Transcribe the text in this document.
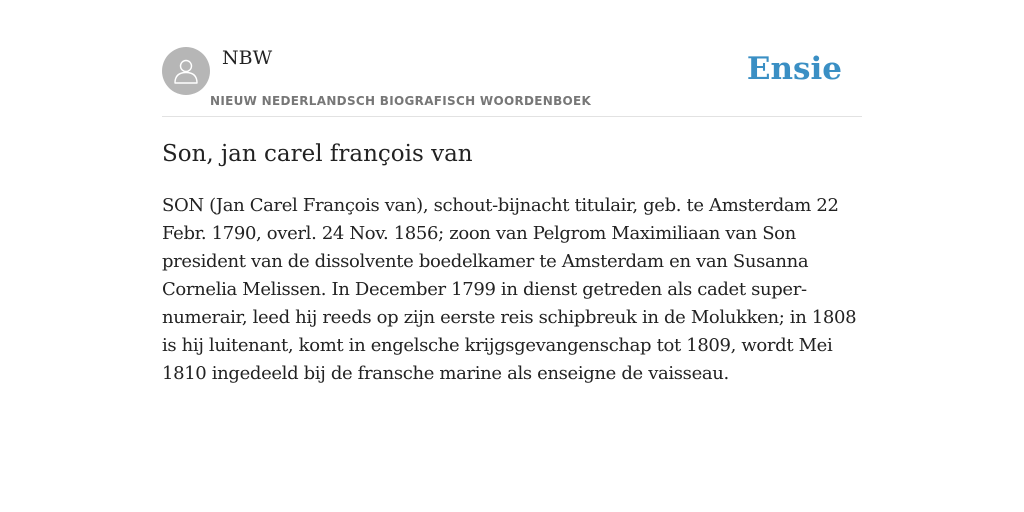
NBW
NIEUW NEDERLANDSCH BIOGRAFISCH WOORDENBOEK
Ensie
Son, jan carel françois van

SON (Jan Carel François van), schout-bijnacht titulair, geb. te Amsterdam 22 Febr. 1790, overl. 24 Nov. 1856; zoon van Pelgrom Maximiliaan van Son president van de dissolvente boedelkamer te Amsterdam en van Susanna Cornelia Melissen. In December 1799 in dienst getreden als cadet super-numerair, leed hij reeds op zijn eerste reis schipbreuk in de Molukken; in 1808 is hij luitenant, komt in engelsche krijgsgevangenschap tot 1809, wordt Mei 1810 ingedeeld bij de fransche marine als enseigne de vaisseau.
